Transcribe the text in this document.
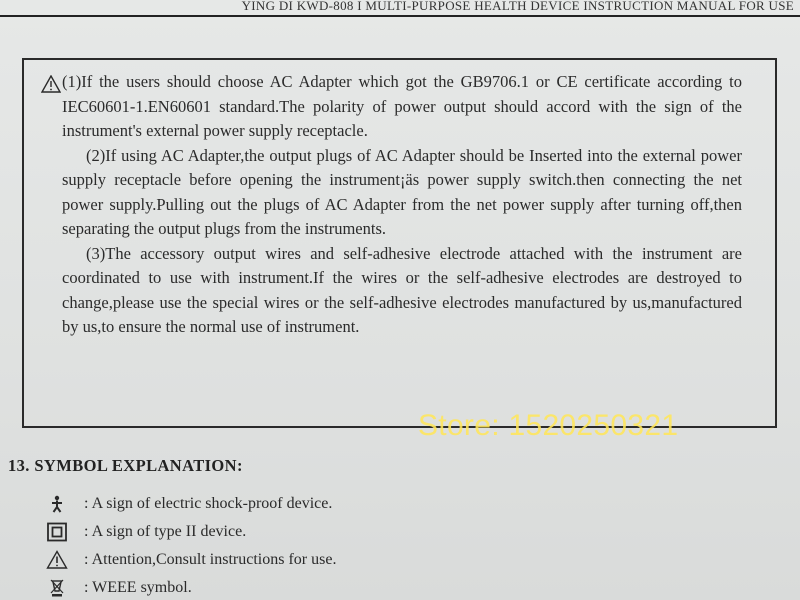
YING DI KWD-808 I MULTI-PURPOSE HEALTH DEVICE INSTRUCTION MANUAL FOR USE

(1)If the users should choose AC Adapter which got the GB9706.1 or CE certificate according to IEC60601-1.EN60601 standard.The polarity of power output should accord with the sign of the instrument's external power supply receptacle.

(2)If using AC Adapter,the output plugs of AC Adapter should be Inserted into the external power supply receptacle before opening the instrument¡äs power supply switch.then connecting the net power supply.Pulling out the plugs of AC Adapter from the net power supply after turning off,then separating the output plugs from the instruments.

(3)The accessory output wires and self-adhesive electrode attached with the instrument are coordinated to use with instrument.If the wires or the self-adhesive electrodes are destroyed to change,please use the special wires or the self-adhesive electrodes manufactured by us,manufactured by us,to ensure the normal use of instrument.

Store: 1520250321
13. SYMBOL EXPLANATION:
: A sign of electric shock-proof device.
: A sign of type II device.
: Attention,Consult instructions for use.
: WEEE symbol.
